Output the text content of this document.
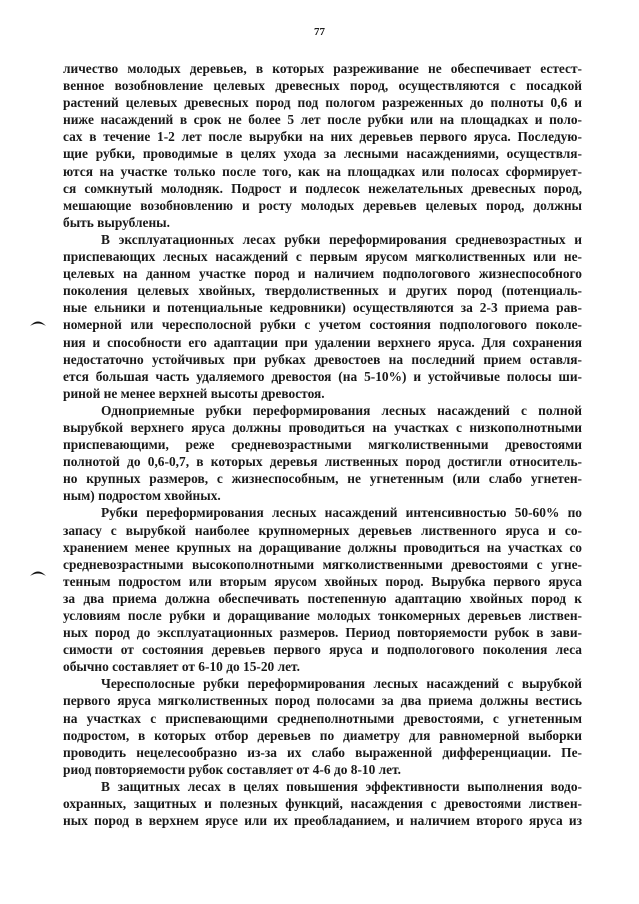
77

личество молодых деревьев, в которых разреживание не обеспечивает естест-
венное возобновление целевых древесных пород, осуществляются с посадкой
растений целевых древесных пород под пологом разреженных до полноты 0,6 и
ниже насаждений в срок не более 5 лет после рубки или на площадках и поло-
сах в течение 1-2 лет после вырубки на них деревьев первого яруса. Последую-
щие рубки, проводимые в целях ухода за лесными насаждениями, осуществля-
ются на участке только после того, как на площадках или полосах сформирует-
ся сомкнутый молодняк. Подрост и подлесок нежелательных древесных пород,
мешающие возобновлению и росту молодых деревьев целевых пород, должны
быть вырублены.

В эксплуатационных лесах рубки переформирования средневозрастных и
приспевающих лесных насаждений с первым ярусом мягколиственных или не-
целевых на данном участке пород и наличием подпологового жизнеспособного
поколения целевых хвойных, твердолиственных и других пород (потенциаль-
ные ельники и потенциальные кедровники) осуществляются за 2-3 приема рав-
номерной или чересполосной рубки с учетом состояния подпологового поколе-
ния и способности его адаптации при удалении верхнего яруса. Для сохранения
недостаточно устойчивых при рубках древостоев на последний прием оставля-
ется большая часть удаляемого древостоя (на 5-10%) и устойчивые полосы ши-
риной не менее верхней высоты древостоя.

Одноприемные рубки переформирования лесных насаждений с полной
вырубкой верхнего яруса должны проводиться на участках с низкополнотными
приспевающими, реже средневозрастными мягколиственными древостоями
полнотой до 0,6-0,7, в которых деревья лиственных пород достигли относитель-
но крупных размеров, с жизнеспособным, не угнетенным (или слабо угнетен-
ным) подростом хвойных.

Рубки переформирования лесных насаждений интенсивностью 50-60% по
запасу с вырубкой наиболее крупномерных деревьев лиственного яруса и со-
хранением менее крупных на доращивание должны проводиться на участках со
средневозрастными высокополнотными мягколиственными древостоями с угне-
тенным подростом или вторым ярусом хвойных пород. Вырубка первого яруса
за два приема должна обеспечивать постепенную адаптацию хвойных пород к
условиям после рубки и доращивание молодых тонкомерных деревьев листвен-
ных пород до эксплуатационных размеров. Период повторяемости рубок в зави-
симости от состояния деревьев первого яруса и подпологового поколения леса
обычно составляет от 6-10 до 15-20 лет.

Чересполосные рубки переформирования лесных насаждений с вырубкой
первого яруса мягколиственных пород полосами за два приема должны вестись
на участках с приспевающими среднеполнотными древостоями, с угнетенным
подростом, в которых отбор деревьев по диаметру для равномерной выборки
проводить нецелесообразно из-за их слабо выраженной дифференциации. Пе-
риод повторяемости рубок составляет от 4-6 до 8-10 лет.

В защитных лесах в целях повышения эффективности выполнения водо-
охранных, защитных и полезных функций, насаждения с древостоями листвен-
ных пород в верхнем ярусе или их преобладанием, и наличием второго яруса из
